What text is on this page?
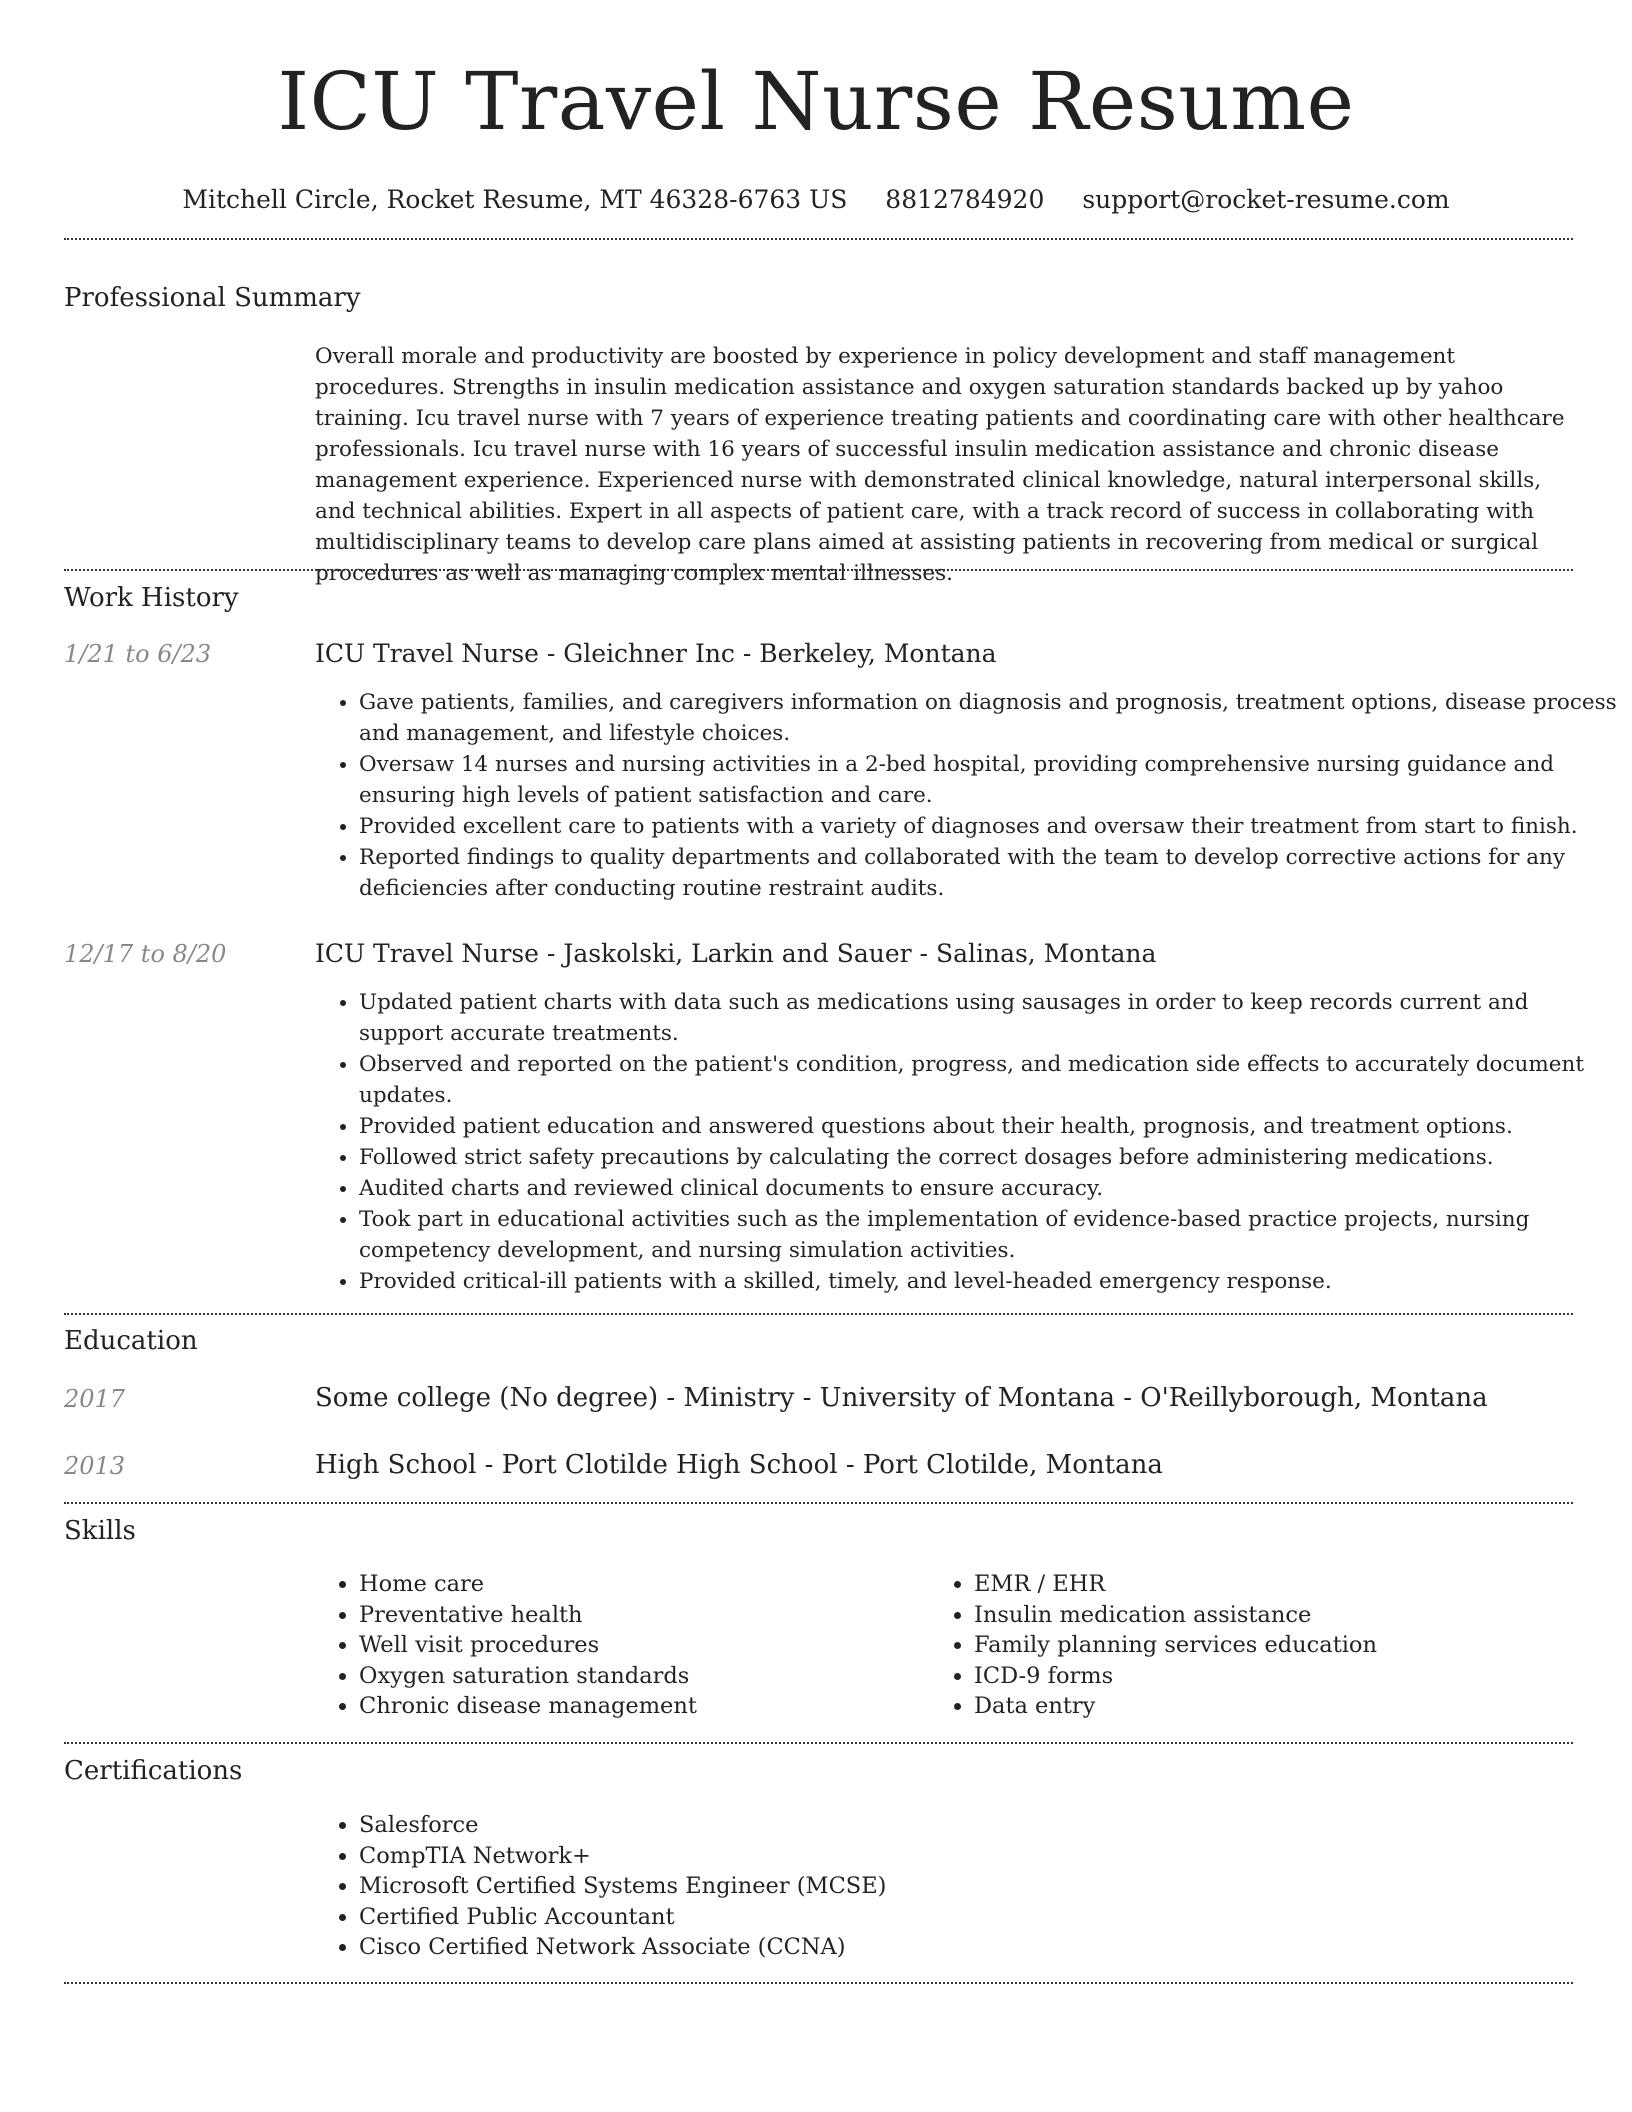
ICU Travel Nurse Resume
Mitchell Circle, Rocket Resume, MT 46328-6763 US 8812784920 support@rocket-resume.com
Professional Summary

Overall morale and productivity are boosted by experience in policy development and staff management procedures. Strengths in insulin medication assistance and oxygen saturation standards backed up by yahoo training. Icu travel nurse with 7 years of experience treating patients and coordinating care with other healthcare professionals. Icu travel nurse with 16 years of successful insulin medication assistance and chronic disease management experience. Experienced nurse with demonstrated clinical knowledge, natural interpersonal skills, and technical abilities. Expert in all aspects of patient care, with a track record of success in collaborating with multidisciplinary teams to develop care plans aimed at assisting patients in recovering from medical or surgical procedures as well as managing complex mental illnesses.

Work History
1/21 to 6/23	ICU Travel Nurse - Gleichner Inc - Berkeley, Montana
• Gave patients, families, and caregivers information on diagnosis and prognosis, treatment options, disease process and management, and lifestyle choices.
• Oversaw 14 nurses and nursing activities in a 2-bed hospital, providing comprehensive nursing guidance and ensuring high levels of patient satisfaction and care.
• Provided excellent care to patients with a variety of diagnoses and oversaw their treatment from start to finish.
• Reported findings to quality departments and collaborated with the team to develop corrective actions for any deficiencies after conducting routine restraint audits.
12/17 to 8/20	ICU Travel Nurse - Jaskolski, Larkin and Sauer - Salinas, Montana
• Updated patient charts with data such as medications using sausages in order to keep records current and support accurate treatments.
• Observed and reported on the patient's condition, progress, and medication side effects to accurately document updates.
• Provided patient education and answered questions about their health, prognosis, and treatment options.
• Followed strict safety precautions by calculating the correct dosages before administering medications.
• Audited charts and reviewed clinical documents to ensure accuracy.
• Took part in educational activities such as the implementation of evidence-based practice projects, nursing competency development, and nursing simulation activities.
• Provided critical-ill patients with a skilled, timely, and level-headed emergency response.
Education
2017	Some college (No degree) - Ministry - University of Montana - O'Reillyborough, Montana
2013	High School - Port Clotilde High School - Port Clotilde, Montana
Skills
• Home care
• Preventative health
• Well visit procedures
• Oxygen saturation standards
• Chronic disease management
• EMR / EHR
• Insulin medication assistance
• Family planning services education
• ICD-9 forms
• Data entry
Certifications
• Salesforce
• CompTIA Network+
• Microsoft Certified Systems Engineer (MCSE)
• Certified Public Accountant
• Cisco Certified Network Associate (CCNA)
